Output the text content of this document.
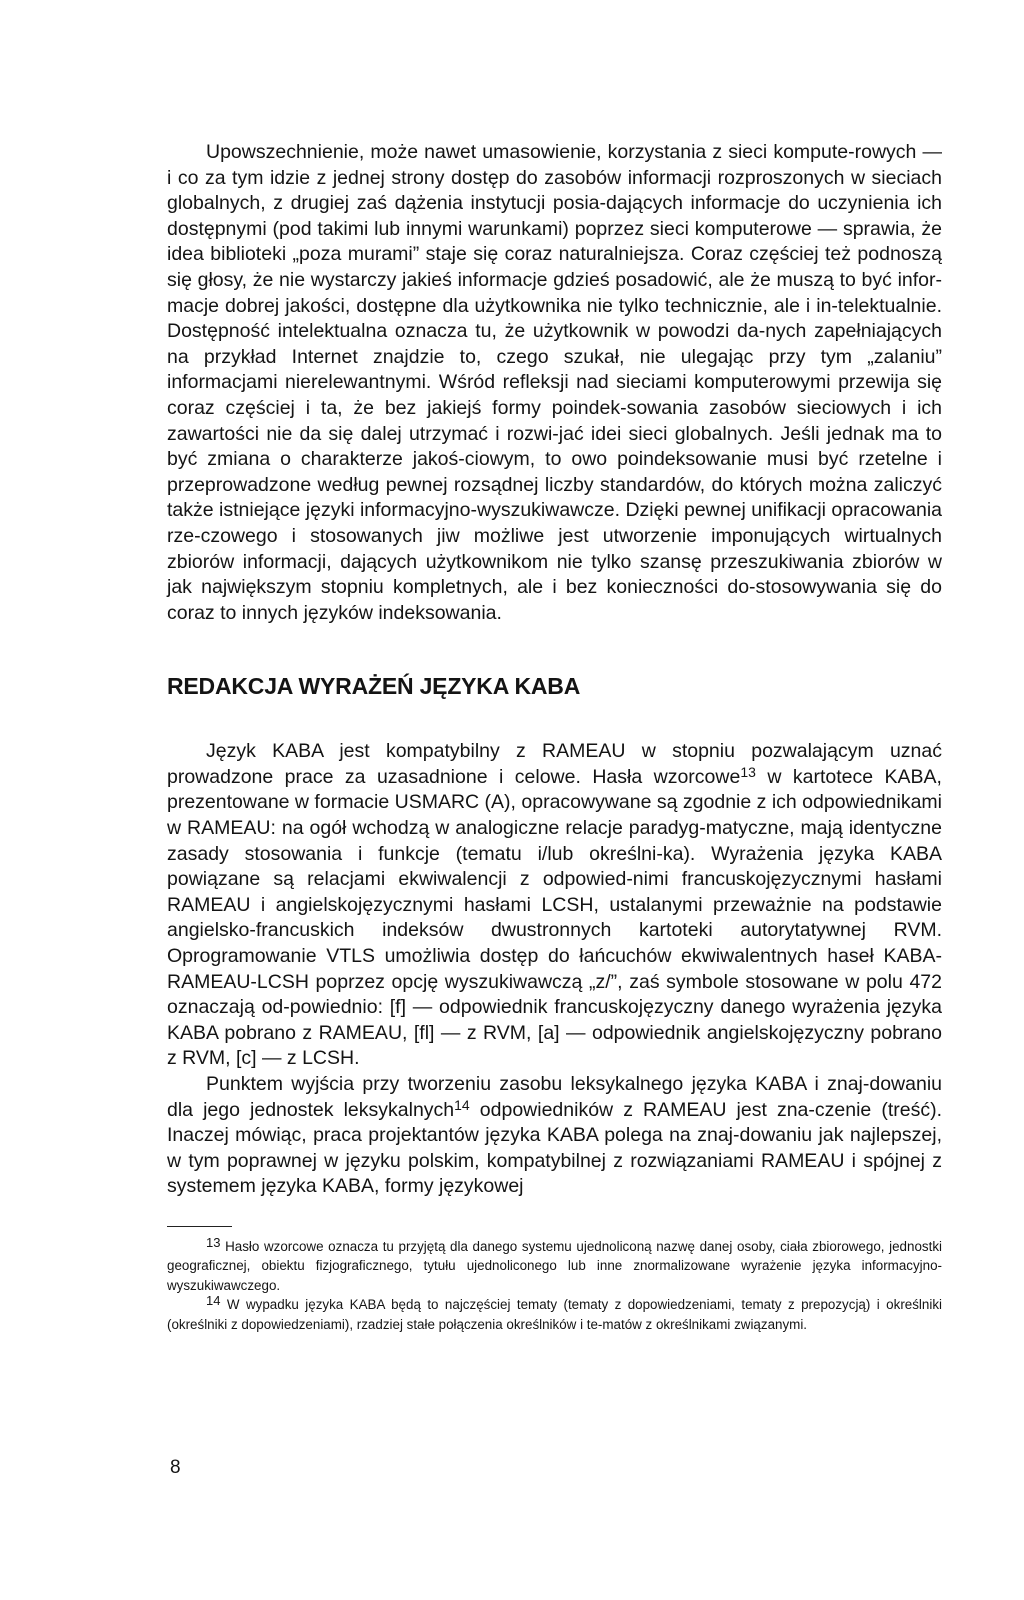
Upowszechnienie, może nawet umasowienie, korzystania z sieci kompute-rowych — i co za tym idzie z jednej strony dostęp do zasobów informacji rozproszonych w sieciach globalnych, z drugiej zaś dążenia instytucji posia-dających informacje do uczynienia ich dostępnymi (pod takimi lub innymi warunkami) poprzez sieci komputerowe — sprawia, że idea biblioteki „poza murami” staje się coraz naturalniejsza. Coraz częściej też podnoszą się głosy, że nie wystarczy jakieś informacje gdzieś posadowić, ale że muszą to być infor-macje dobrej jakości, dostępne dla użytkownika nie tylko technicznie, ale i in-telektualnie. Dostępność intelektualna oznacza tu, że użytkownik w powodzi da-nych zapełniających na przykład Internet znajdzie to, czego szukał, nie ulegając przy tym „zalaniu” informacjami nierelewantnymi. Wśród refleksji nad sieciami komputerowymi przewija się coraz częściej i ta, że bez jakiejś formy poindek-sowania zasobów sieciowych i ich zawartości nie da się dalej utrzymać i rozwi-jać idei sieci globalnych. Jeśli jednak ma to być zmiana o charakterze jakoś-ciowym, to owo poindeksowanie musi być rzetelne i przeprowadzone według pewnej rozsądnej liczby standardów, do których można zaliczyć także istniejące języki informacyjno-wyszukiwawcze. Dzięki pewnej unifikacji opracowania rze-czowego i stosowanych jiw możliwe jest utworzenie imponujących wirtualnych zbiorów informacji, dających użytkownikom nie tylko szansę przeszukiwania zbiorów w jak największym stopniu kompletnych, ale i bez konieczności do-stosowywania się do coraz to innych języków indeksowania.

REDAKCJA WYRAŻEŃ JĘZYKA KABA

Język KABA jest kompatybilny z RAMEAU w stopniu pozwalającym uznać prowadzone prace za uzasadnione i celowe. Hasła wzorcowe$^{13}$ w kartotece KABA, prezentowane w formacie USMARC (A), opracowywane są zgodnie z ich odpowiednikami w RAMEAU: na ogół wchodzą w analogiczne relacje paradyg-matyczne, mają identyczne zasady stosowania i funkcje (tematu i/lub określni-ka). Wyrażenia języka KABA powiązane są relacjami ekwiwalencji z odpowied-nimi francuskojęzycznymi hasłami RAMEAU i angielskojęzycznymi hasłami LCSH, ustalanymi przeważnie na podstawie angielsko-francuskich indeksów dwustronnych kartoteki autorytatywnej RVM. Oprogramowanie VTLS umożliwia dostęp do łańcuchów ekwiwalentnych haseł KABA-RAMEAU-LCSH poprzez opcję wyszukiwawczą „z/”, zaś symbole stosowane w polu 472 oznaczają od-powiednio: [f] — odpowiednik francuskojęzyczny danego wyrażenia języka KABA pobrano z RAMEAU, [fl] — z RVM, [a] — odpowiednik angielskojęzyczny pobrano z RVM, [c] — z LCSH.

Punktem wyjścia przy tworzeniu zasobu leksykalnego języka KABA i znaj-dowaniu dla jego jednostek leksykalnych$^{14}$ odpowiedników z RAMEAU jest zna-czenie (treść). Inaczej mówiąc, praca projektantów języka KABA polega na znaj-dowaniu jak najlepszej, w tym poprawnej w języku polskim, kompatybilnej z rozwiązaniami RAMEAU i spójnej z systemem języka KABA, formy językowej

13 Hasło wzorcowe oznacza tu przyjętą dla danego systemu ujednoliconą nazwę danej osoby, ciała zbiorowego, jednostki geograficznej, obiektu fizjograficznego, tytułu ujednoliconego lub inne znormalizowane wyrażenie języka informacyjno-wyszukiwawczego.

14 W wypadku języka KABA będą to najczęściej tematy (tematy z dopowiedzeniami, tematy z prepozycją) i określniki (określniki z dopowiedzeniami), rzadziej stałe połączenia określników i te-matów z określnikami związanymi.

8
